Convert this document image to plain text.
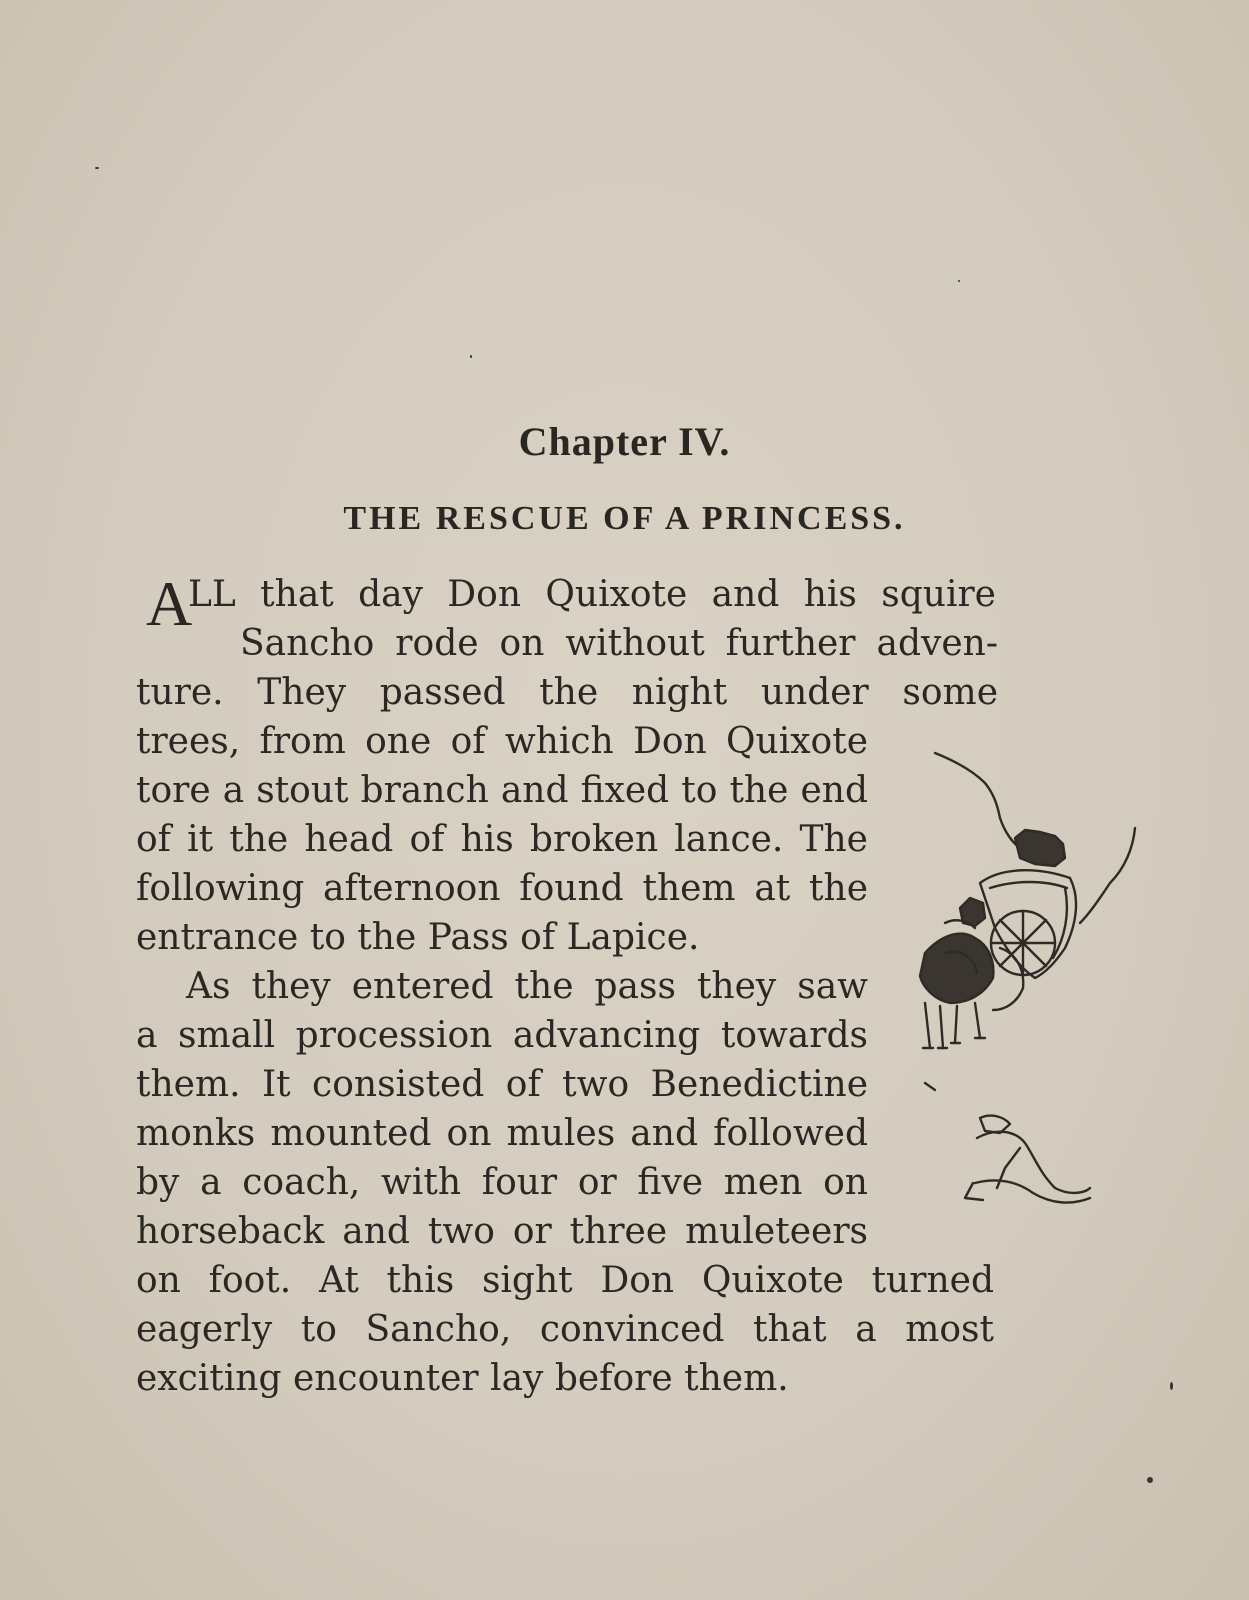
Chapter IV.
THE RESCUE OF A PRINCESS.
A
LL that day Don Quixote and his squire
Sancho rode on without further adven-
ture. They passed the night under some
trees, from one of which Don Quixote
tore a stout branch and fixed to the end
of it the head of his broken lance. The
following afternoon found them at the
entrance to the Pass of Lapice.
As they entered the pass they saw
a small procession advancing towards
them. It consisted of two Benedictine
monks mounted on mules and followed
by a coach, with four or five men on
horseback and two or three muleteers
on foot. At this sight Don Quixote turned
eagerly to Sancho, convinced that a most
exciting encounter lay before them.
